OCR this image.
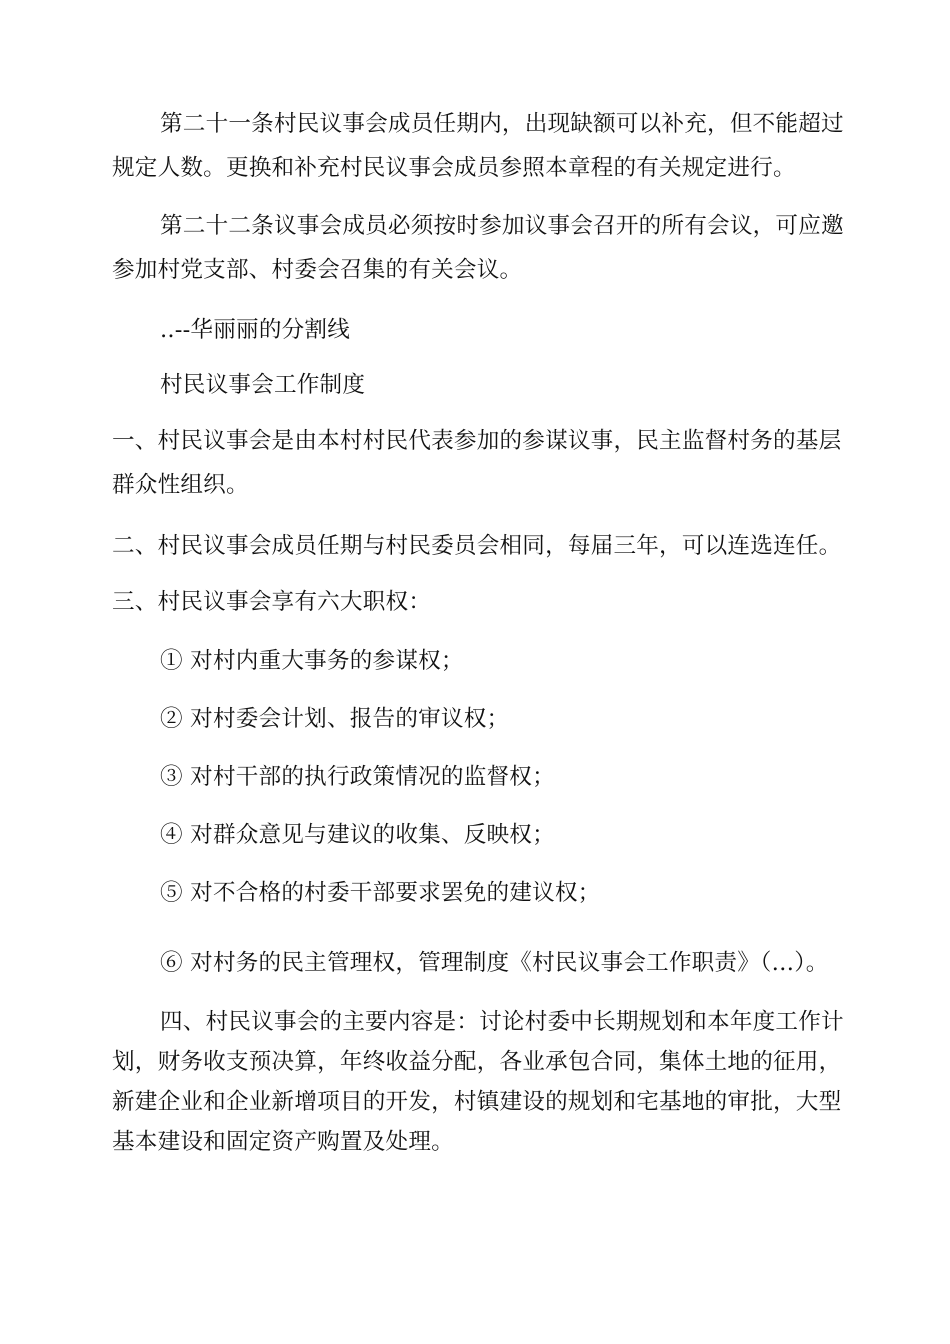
第二十一条村民议事会成员任期内，出现缺额可以补充，但不能超过
规定人数。更换和补充村民议事会成员参照本章程的有关规定进行。
第二十二条议事会成员必须按时参加议事会召开的所有会议，可应邀
参加村党支部、村委会召集的有关会议。
..--华丽丽的分割线
村民议事会工作制度
一、村民议事会是由本村村民代表参加的参谋议事，民主监督村务的基层
群众性组织。
二、村民议事会成员任期与村民委员会相同，每届三年，可以连选连任。
三、村民议事会享有六大职权：
① 对村内重大事务的参谋权；
② 对村委会计划、报告的审议权；
③ 对村干部的执行政策情况的监督权；
④ 对群众意见与建议的收集、反映权；
⑤ 对不合格的村委干部要求罢免的建议权；
⑥ 对村务的民主管理权，管理制度《村民议事会工作职责》（…）。
四、村民议事会的主要内容是：讨论村委中长期规划和本年度工作计
划，财务收支预决算，年终收益分配，各业承包合同，集体土地的征用，
新建企业和企业新增项目的开发，村镇建设的规划和宅基地的审批，大型
基本建设和固定资产购置及处理。
